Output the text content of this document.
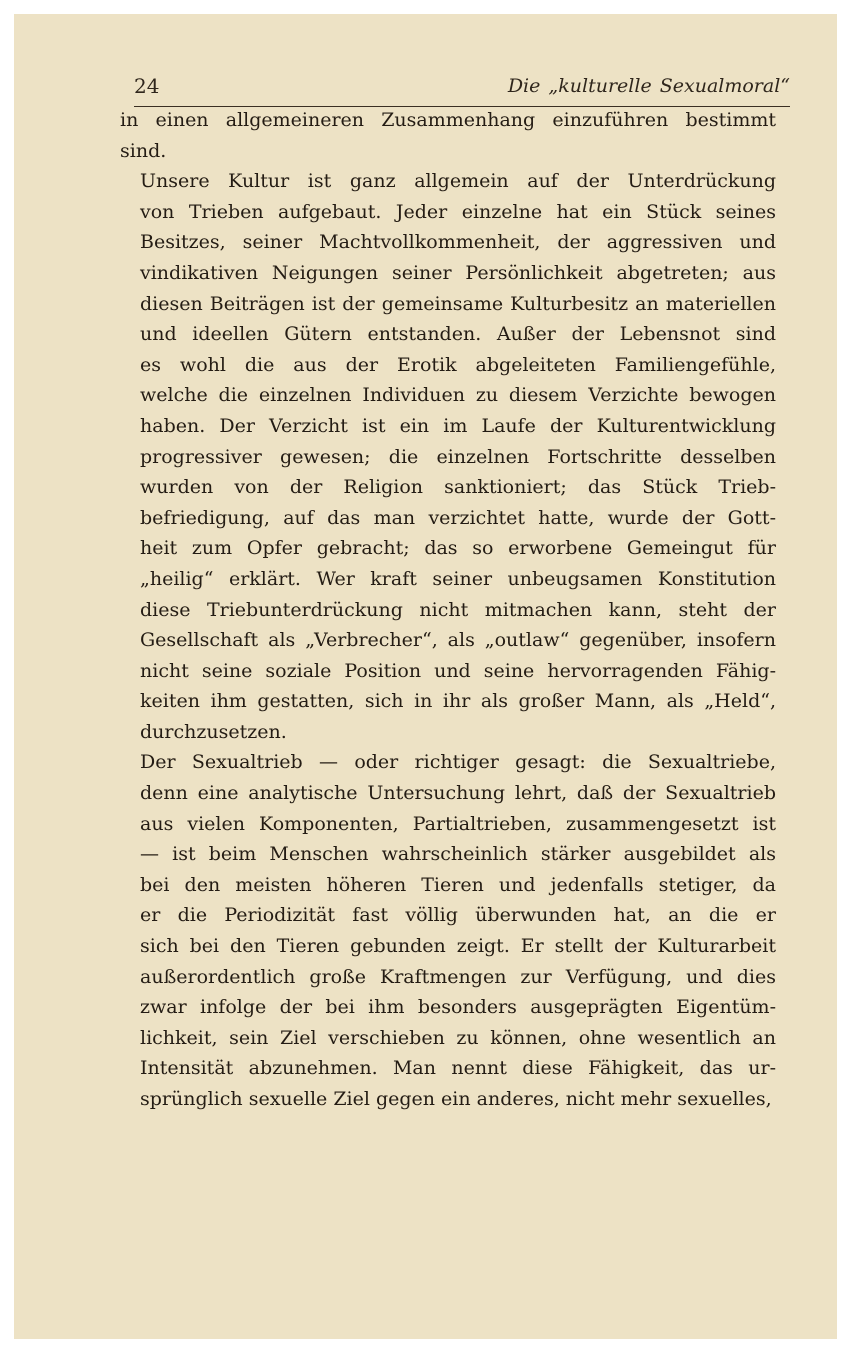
24	Die „kulturelle Sexualmoral“

in einen allgemeineren Zusammenhang einzuführen bestimmt
sind.

Unsere Kultur ist ganz allgemein auf der Unterdrückung
von Trieben aufgebaut. Jeder einzelne hat ein Stück seines
Besitzes, seiner Machtvollkommenheit, der aggressiven und
vindikativen Neigungen seiner Persönlichkeit abgetreten; aus
diesen Beiträgen ist der gemeinsame Kulturbesitz an materiellen
und ideellen Gütern entstanden. Außer der Lebensnot sind
es wohl die aus der Erotik abgeleiteten Familiengefühle,
welche die einzelnen Individuen zu diesem Verzichte bewogen
haben. Der Verzicht ist ein im Laufe der Kulturentwicklung
progressiver gewesen; die einzelnen Fortschritte desselben
wurden von der Religion sanktioniert; das Stück Trieb-
befriedigung, auf das man verzichtet hatte, wurde der Gott-
heit zum Opfer gebracht; das so erworbene Gemeingut für
„heilig“ erklärt. Wer kraft seiner unbeugsamen Konstitution
diese Triebunterdrückung nicht mitmachen kann, steht der
Gesellschaft als „Verbrecher“, als „outlaw“ gegenüber, insofern
nicht seine soziale Position und seine hervorragenden Fähig-
keiten ihm gestatten, sich in ihr als großer Mann, als „Held“,
durchzusetzen.

Der Sexualtrieb — oder richtiger gesagt: die Sexualtriebe,
denn eine analytische Untersuchung lehrt, daß der Sexualtrieb
aus vielen Komponenten, Partialtrieben, zusammengesetzt ist
— ist beim Menschen wahrscheinlich stärker ausgebildet als
bei den meisten höheren Tieren und jedenfalls stetiger, da
er die Periodizität fast völlig überwunden hat, an die er
sich bei den Tieren gebunden zeigt. Er stellt der Kulturarbeit
außerordentlich große Kraftmengen zur Verfügung, und dies
zwar infolge der bei ihm besonders ausgeprägten Eigentüm-
lichkeit, sein Ziel verschieben zu können, ohne wesentlich an
Intensität abzunehmen. Man nennt diese Fähigkeit, das ur-
sprünglich sexuelle Ziel gegen ein anderes, nicht mehr sexuelles,
